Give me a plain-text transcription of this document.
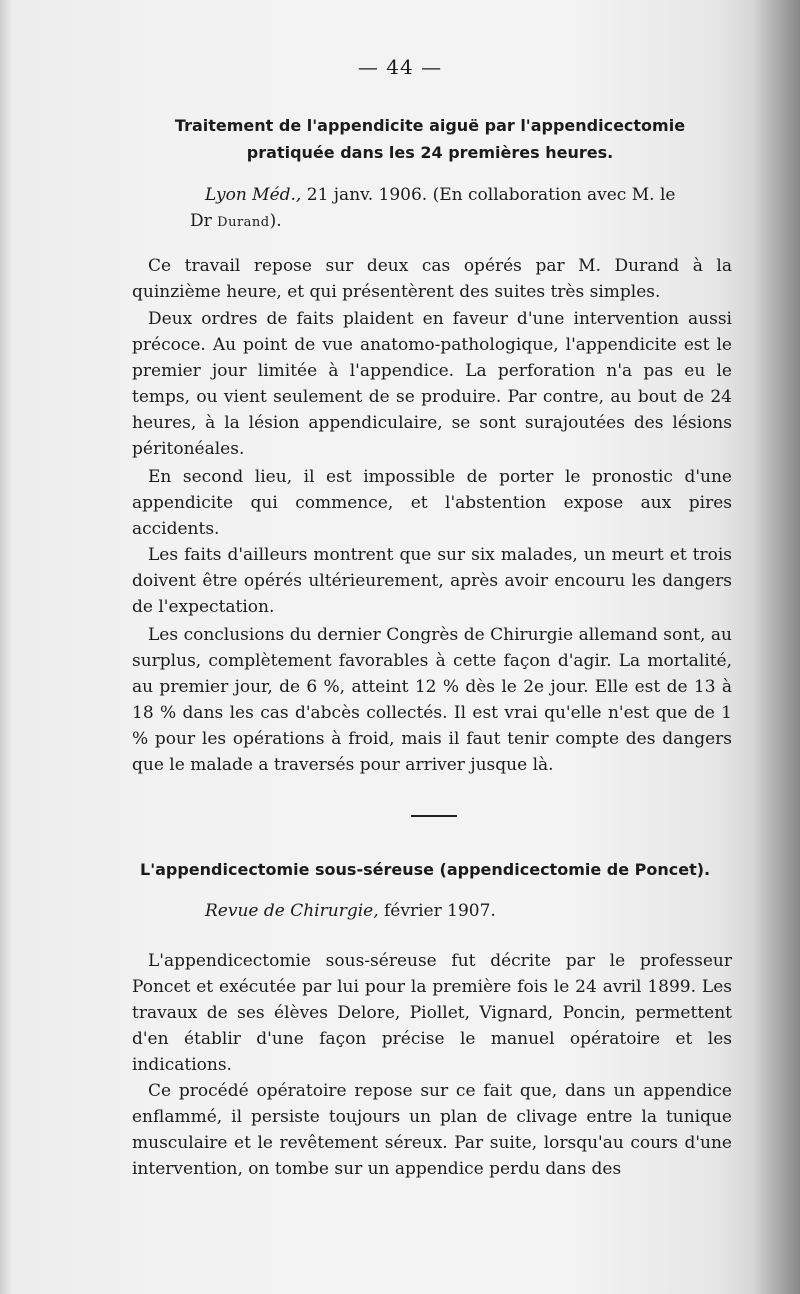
— 44 —
Traitement de l'appendicite aiguë par l'appendicectomie pratiquée dans les 24 premières heures.
Lyon Méd., 21 janv. 1906. (En collaboration avec M. le
Dr Durand).
Ce travail repose sur deux cas opérés par M. Durand à la quinzième heure, et qui présentèrent des suites très simples.
Deux ordres de faits plaident en faveur d'une intervention aussi précoce. Au point de vue anatomo-pathologique, l'appendicite est le premier jour limitée à l'appendice. La perforation n'a pas eu le temps, ou vient seulement de se produire. Par contre, au bout de 24 heures, à la lésion appendiculaire, se sont surajoutées des lésions péritonéales.
En second lieu, il est impossible de porter le pronostic d'une appendicite qui commence, et l'abstention expose aux pires accidents.
Les faits d'ailleurs montrent que sur six malades, un meurt et trois doivent être opérés ultérieurement, après avoir encouru les dangers de l'expectation.
Les conclusions du dernier Congrès de Chirurgie allemand sont, au surplus, complètement favorables à cette façon d'agir. La mortalité, au premier jour, de 6 %, atteint 12 % dès le 2e jour. Elle est de 13 à 18 % dans les cas d'abcès collectés. Il est vrai qu'elle n'est que de 1 % pour les opérations à froid, mais il faut tenir compte des dangers que le malade a traversés pour arriver jusque là.
L'appendicectomie sous-séreuse (appendicectomie de Poncet).
Revue de Chirurgie, février 1907.
L'appendicectomie sous-séreuse fut décrite par le professeur Poncet et exécutée par lui pour la première fois le 24 avril 1899. Les travaux de ses élèves Delore, Piollet, Vignard, Poncin, permettent d'en établir d'une façon précise le manuel opératoire et les indications.
Ce procédé opératoire repose sur ce fait que, dans un appendice enflammé, il persiste toujours un plan de clivage entre la tunique musculaire et le revêtement séreux. Par suite, lorsqu'au cours d'une intervention, on tombe sur un appendice perdu dans des
